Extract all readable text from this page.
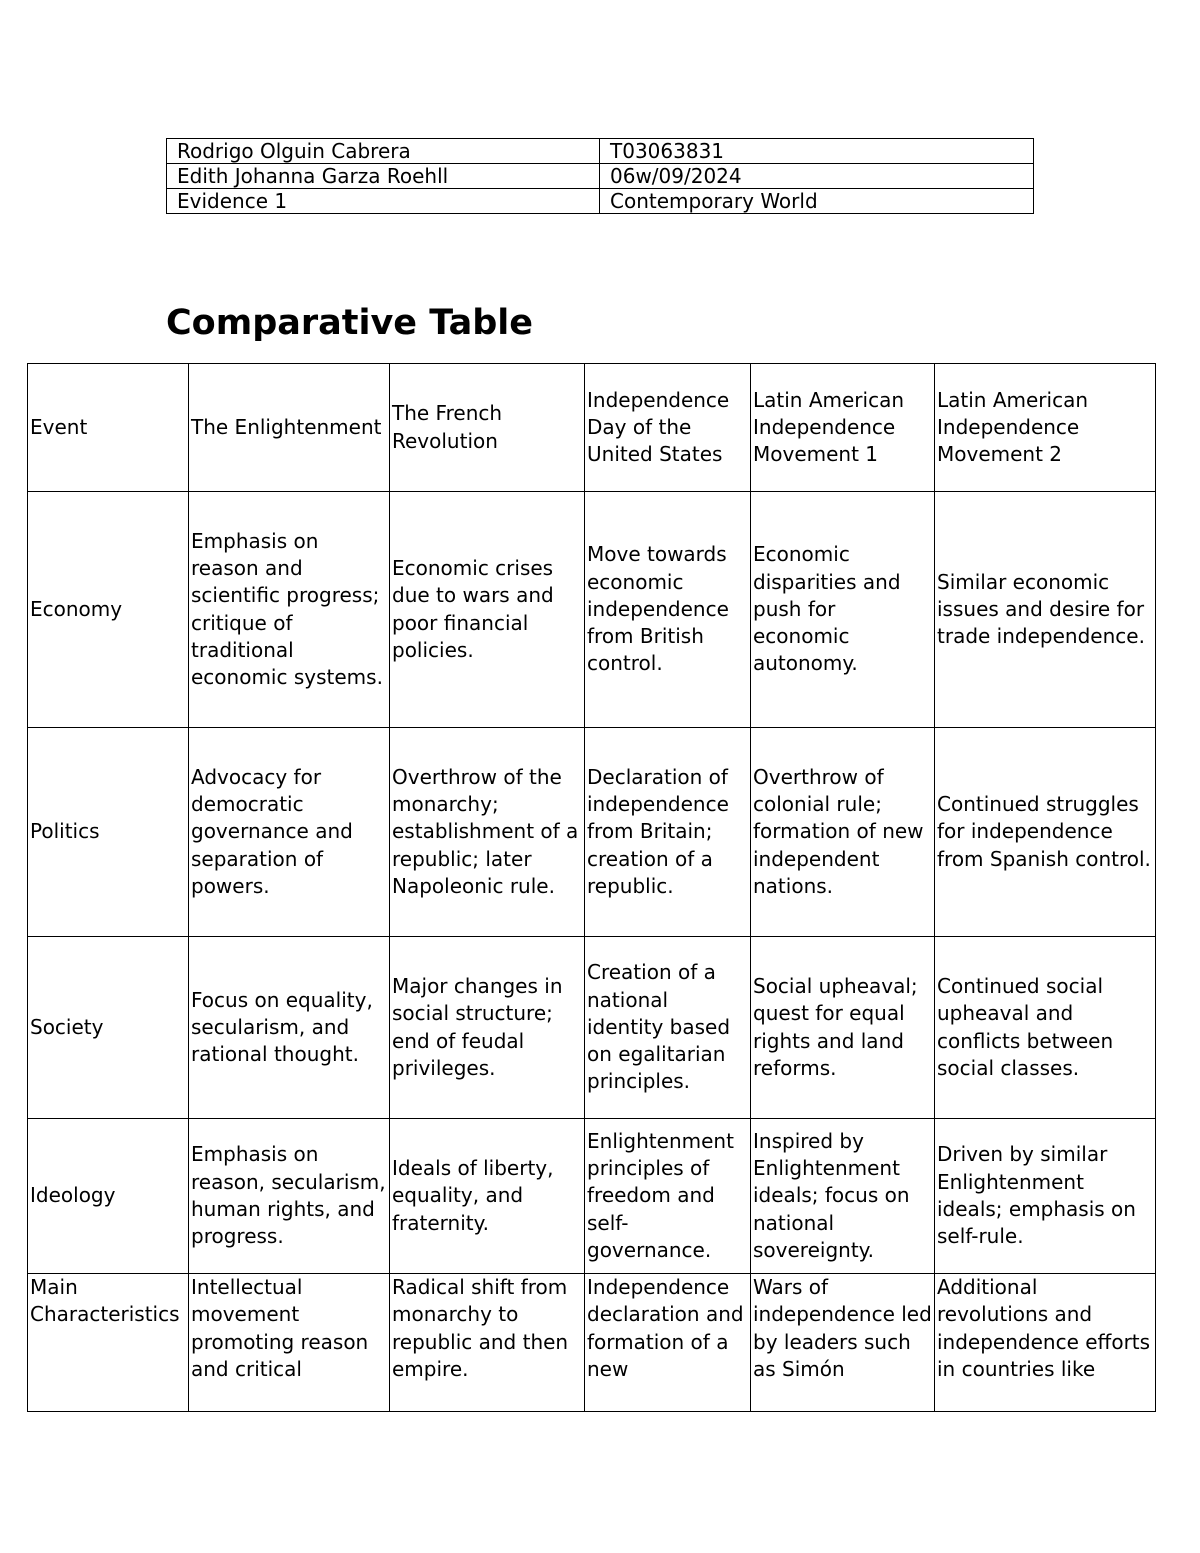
Rodrigo Olguin Cabrera	T03063831
Edith Johanna Garza Roehll	06w/09/2024
Evidence 1	Contemporary World
Comparative Table
Event	The Enlightenment	The French Revolution	Independence Day of the United States	Latin American Independence Movement 1	Latin American Independence Movement 2
Economy	Emphasis on reason and scientific progress; critique of traditional economic systems.	Economic crises due to wars and poor financial policies.	Move towards economic independence from British control.	Economic disparities and push for economic autonomy.	Similar economic issues and desire for trade independence.
Politics	Advocacy for democratic governance and separation of powers.	Overthrow of the monarchy; establishment of a republic; later Napoleonic rule.	Declaration of independence from Britain; creation of a republic.	Overthrow of colonial rule; formation of new independent nations.	Continued struggles for independence from Spanish control.
Society	Focus on equality, secularism, and rational thought.	Major changes in social structure; end of feudal privileges.	Creation of a national identity based on egalitarian principles.	Social upheaval; quest for equal rights and land reforms.	Continued social upheaval and conflicts between social classes.
Ideology	Emphasis on reason, secularism, human rights, and progress.	Ideals of liberty, equality, and fraternity.	Enlightenment principles of freedom and self-governance.	Inspired by Enlightenment ideals; focus on national sovereignty.	Driven by similar Enlightenment ideals; emphasis on self-rule.
Main Characteristics	Intellectual movement promoting reason and critical	Radical shift from monarchy to republic and then empire.	Independence declaration and formation of a new	Wars of independence led by leaders such as Simón	Additional revolutions and independence efforts in countries like
